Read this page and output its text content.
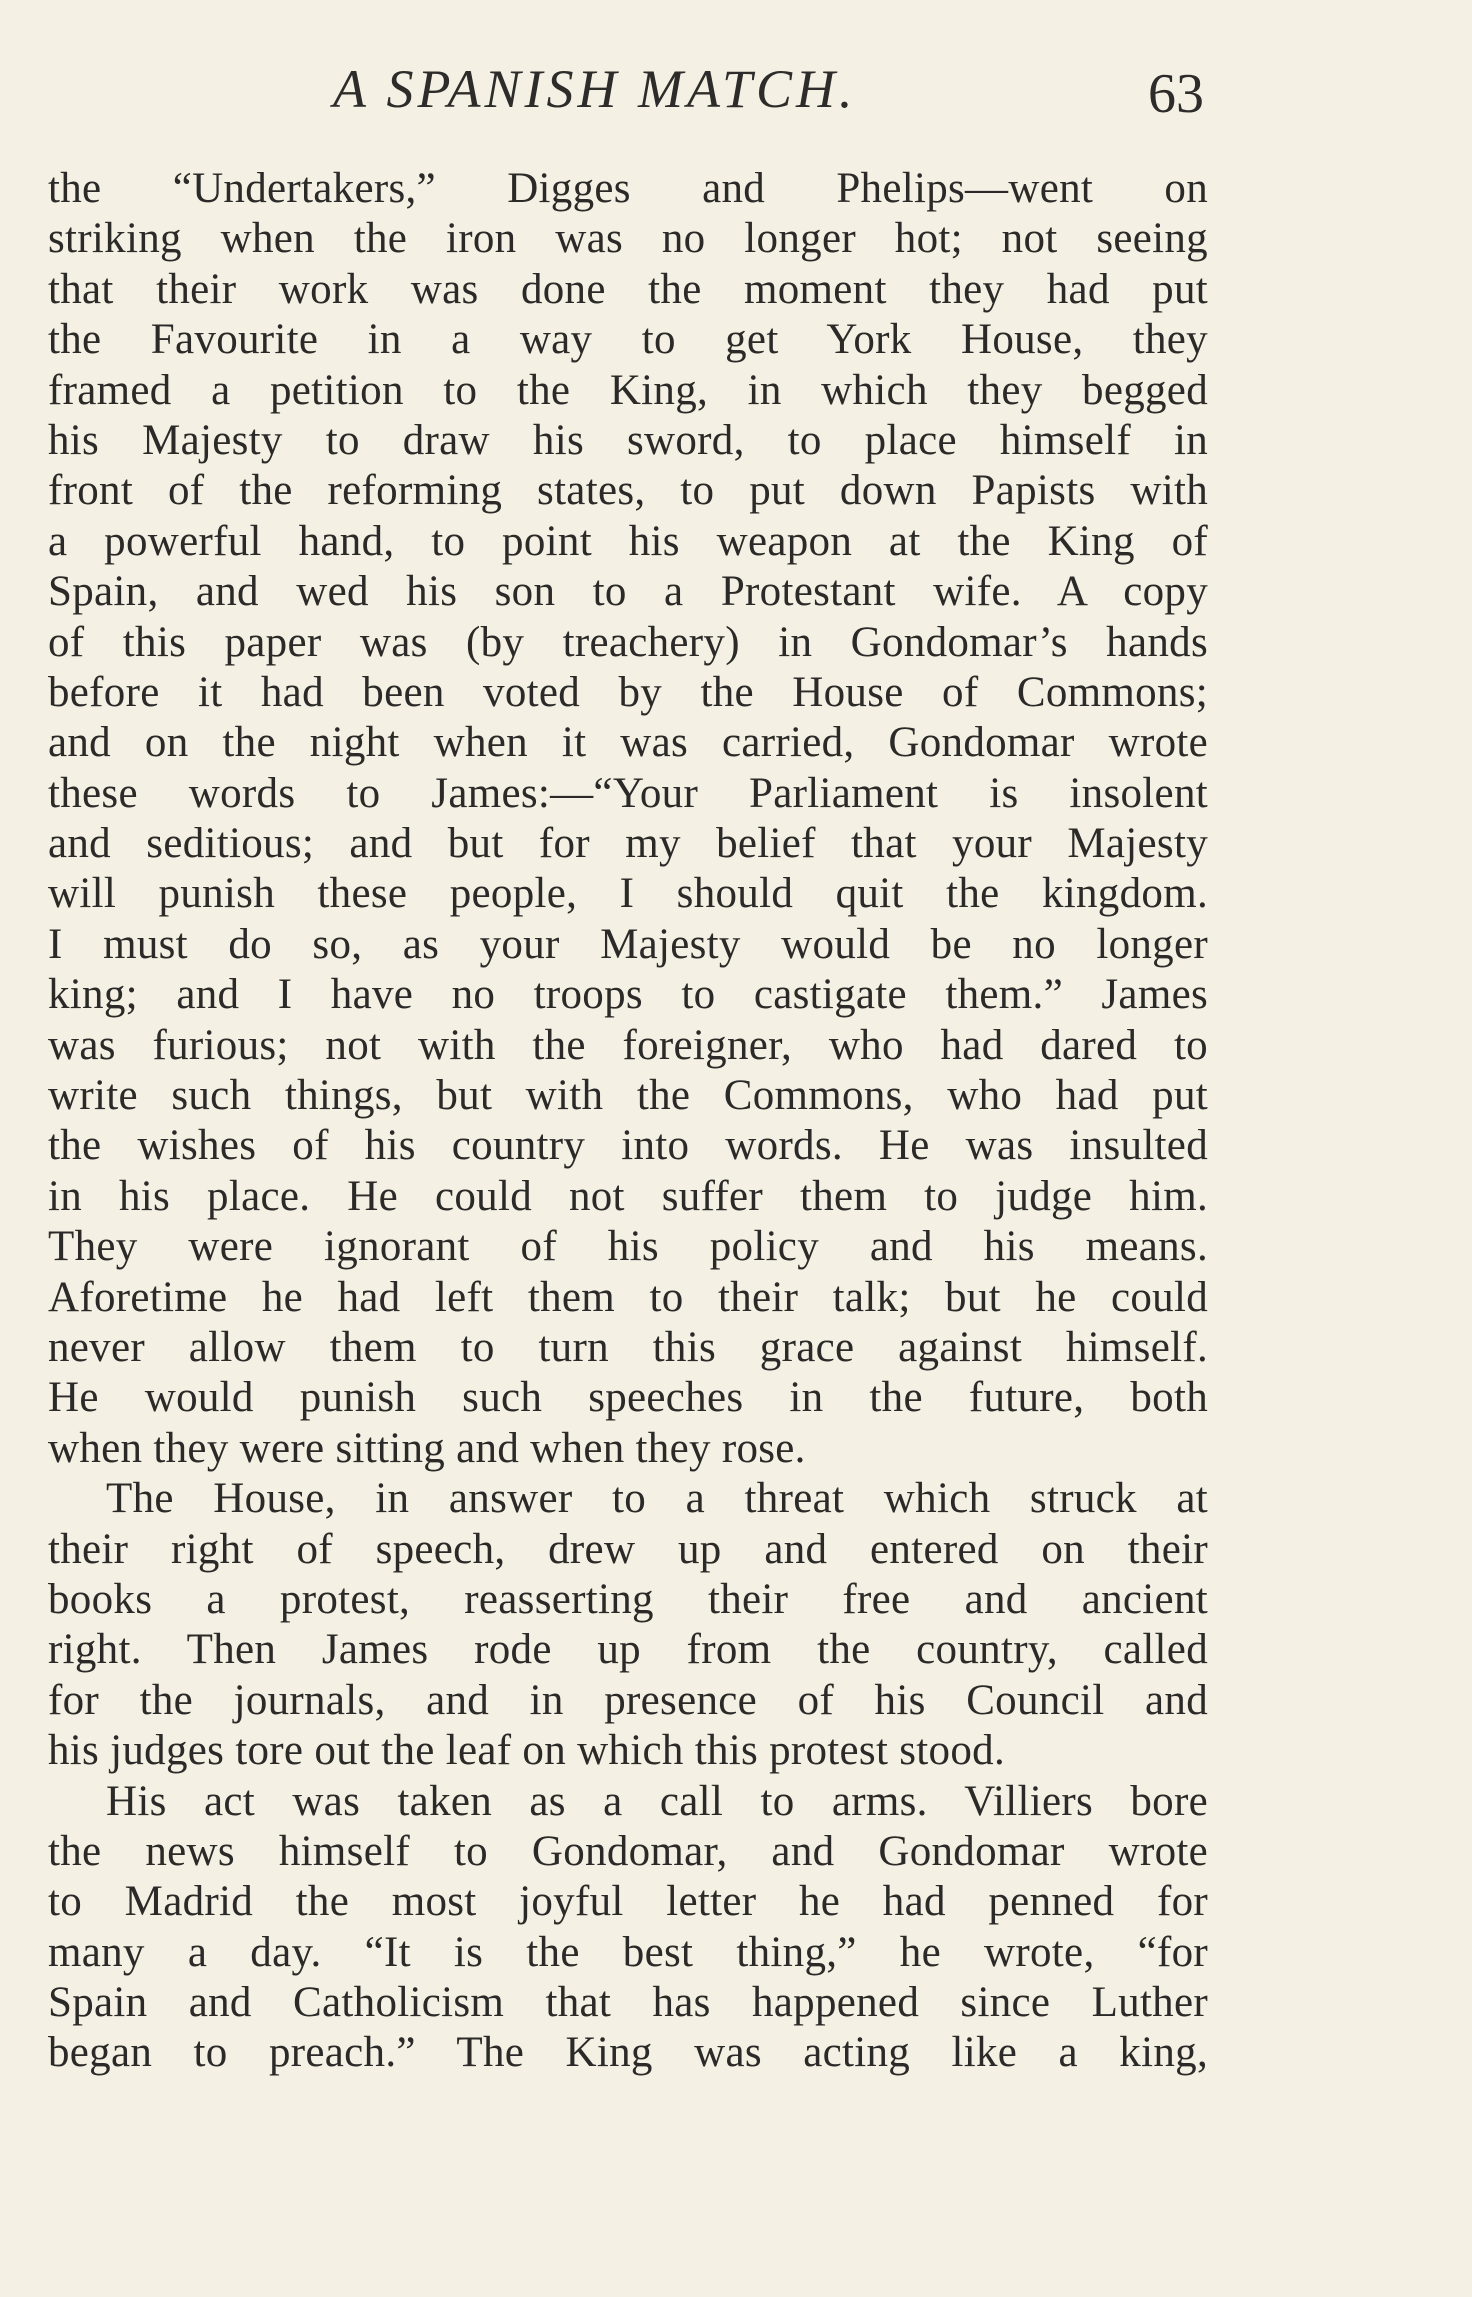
A SPANISH MATCH.	63
the “Undertakers,” Digges and Phelips—went on
striking when the iron was no longer hot; not seeing
that their work was done the moment they had put
the Favourite in a way to get York House, they
framed a petition to the King, in which they begged
his Majesty to draw his sword, to place himself in
front of the reforming states, to put down Papists with
a powerful hand, to point his weapon at the King of
Spain, and wed his son to a Protestant wife. A copy
of this paper was (by treachery) in Gondomar’s hands
before it had been voted by the House of Commons;
and on the night when it was carried, Gondomar wrote
these words to James:—“Your Parliament is insolent
and seditious; and but for my belief that your Majesty
will punish these people, I should quit the kingdom.
I must do so, as your Majesty would be no longer
king; and I have no troops to castigate them.” James
was furious; not with the foreigner, who had dared to
write such things, but with the Commons, who had put
the wishes of his country into words. He was insulted
in his place. He could not suffer them to judge him.
They were ignorant of his policy and his means.
Aforetime he had left them to their talk; but he could
never allow them to turn this grace against himself.
He would punish such speeches in the future, both
when they were sitting and when they rose.
The House, in answer to a threat which struck at
their right of speech, drew up and entered on their
books a protest, reasserting their free and ancient
right. Then James rode up from the country, called
for the journals, and in presence of his Council and
his judges tore out the leaf on which this protest stood.
His act was taken as a call to arms. Villiers bore
the news himself to Gondomar, and Gondomar wrote
to Madrid the most joyful letter he had penned for
many a day. “It is the best thing,” he wrote, “for
Spain and Catholicism that has happened since Luther
began to preach.” The King was acting like a king,
